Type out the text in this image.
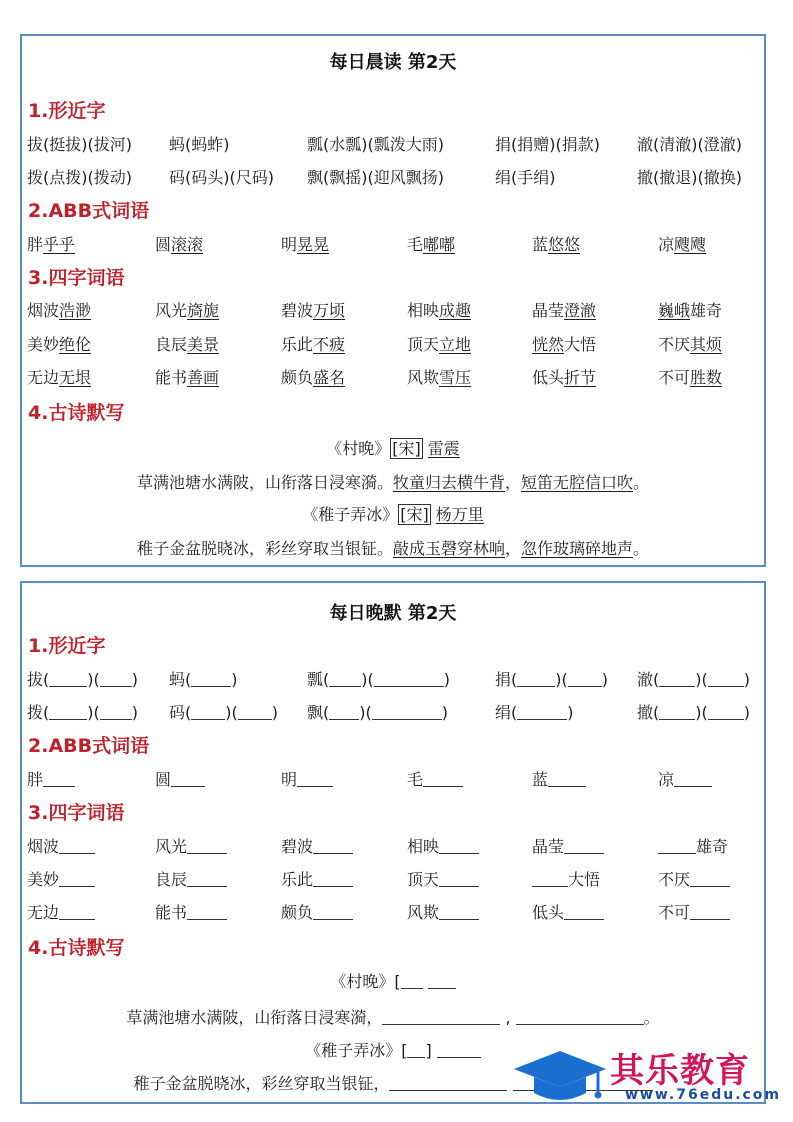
每日晨读 第2天
1.形近字
拔(挺拔)(拔河) 蚂(蚂蚱)	瓢(水瓢)(瓢泼大雨)	捐(捐赠)(捐款) 澈(清澈)(澄澈)
拨(点拨)(拨动) 码(码头)(尺码) 飘(飘摇)(迎风飘扬)	绢(手绢)	撤(撤退)(撤换)
2.ABB式词语
胖乎乎	圆滚滚	明晃晃	毛嘟嘟	蓝悠悠	凉飕飕
3.四字词语
烟波浩渺	风光旖旎	碧波万顷	相映成趣	晶莹澄澈	巍峨雄奇
美妙绝伦	良辰美景	乐此不疲	顶天立地	恍然大悟	不厌其烦
无边无垠	能书善画	颇负盛名	风欺雪压	低头折节	不可胜数
4.古诗默写
《村晚》 [宋] 雷震
草满池塘水满陂，山衔落日浸寒漪。牧童归去横牛背，短笛无腔信口吹。
《稚子弄冰》 [宋] 杨万里
稚子金盆脱晓冰，彩丝穿取当银钲。敲成玉磬穿林响，忽作玻璃碎地声。
每日晚默 第2天
1.形近字
拔( )( ) 蚂(	)	瓢( )(	)	捐( )( ) 澈( )( )
拨( )( ) 码( )( ) 飘( )(	)	绢(	)	撤( )( )
2.ABB式词语
胖	圆	明	毛	蓝	凉
3.四字词语
烟波	风光	碧波	相映	晶莹	雄奇
美妙	良辰	乐此	顶天	大悟	不厌
无边	能书	颇负	风欺	低头	不可
4.古诗默写
《村晚》[
草满池塘水满陂，山衔落日浸寒漪，	,	。
《稚子弄冰》[ ]
稚子金盆脱晓冰，彩丝穿取当银钲，	其乐教育
www.76edu.com
